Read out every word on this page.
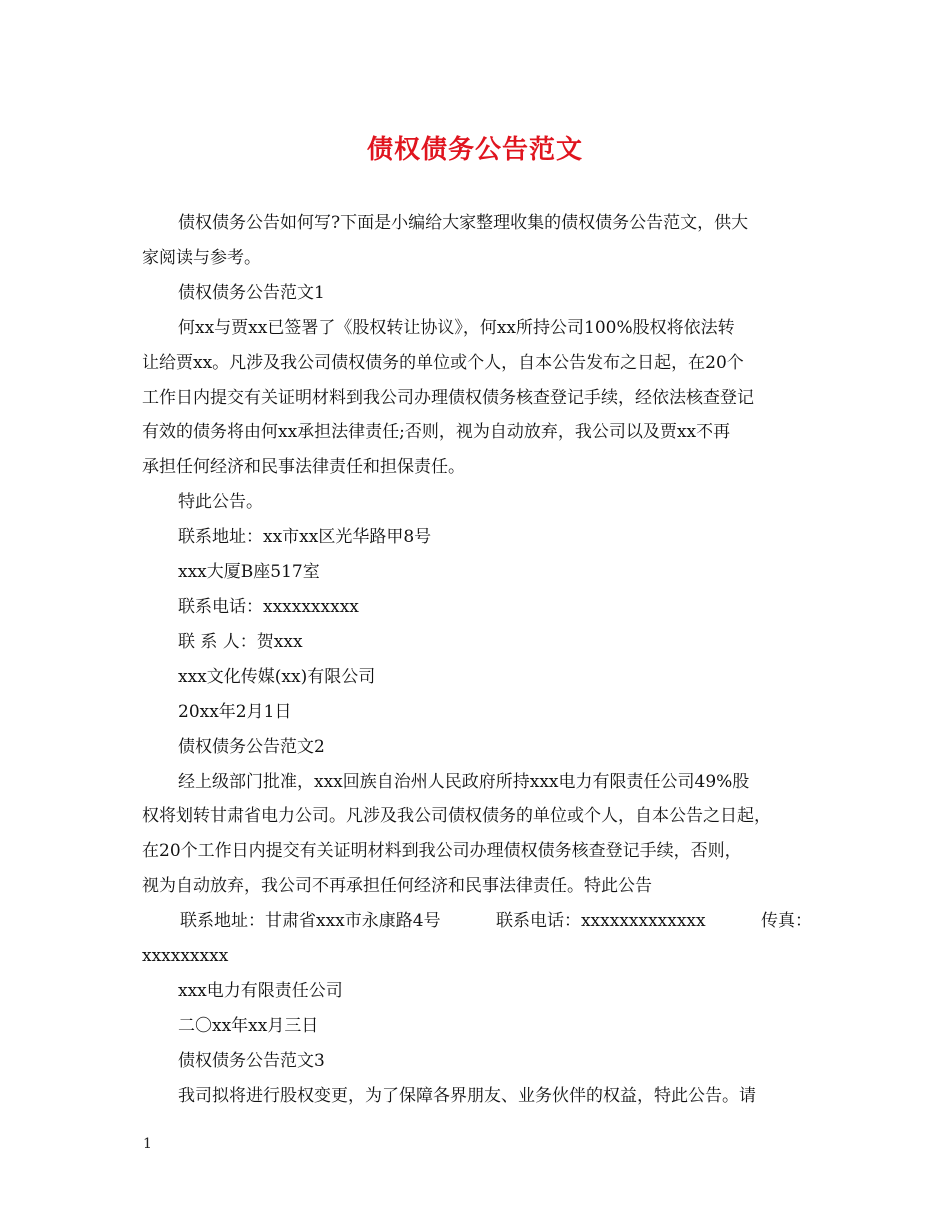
债权债务公告范文

债权债务公告如何写?下面是小编给大家整理收集的债权债务公告范文，供大

家阅读与参考。

债权债务公告范文1

何xx与贾xx已签署了《股权转让协议》，何xx所持公司100%股权将依法转

让给贾xx。凡涉及我公司债权债务的单位或个人，自本公告发布之日起，在20个

工作日内提交有关证明材料到我公司办理债权债务核查登记手续，经依法核查登记

有效的债务将由何xx承担法律责任;否则，视为自动放弃，我公司以及贾xx不再

承担任何经济和民事法律责任和担保责任。

特此公告。

联系地址：xx市xx区光华路甲8号

xxx大厦B座517室

联系电话：xxxxxxxxxx

联 系 人：贺xxx

xxx文化传媒(xx)有限公司

20xx年2月1日

债权债务公告范文2

经上级部门批准，xxx回族自治州人民政府所持xxx电力有限责任公司49%股

权将划转甘肃省电力公司。凡涉及我公司债权债务的单位或个人，自本公告之日起，

在20个工作日内提交有关证明材料到我公司办理债权债务核查登记手续，否则，

视为自动放弃，我公司不再承担任何经济和民事法律责任。特此公告

联系地址：甘肃省xxx市永康路4号	联系电话：xxxxxxxxxxxxx	传真：

xxxxxxxxx

xxx电力有限责任公司

二〇xx年xx月三日

债权债务公告范文3

我司拟将进行股权变更，为了保障各界朋友、业务伙伴的权益，特此公告。请

1
